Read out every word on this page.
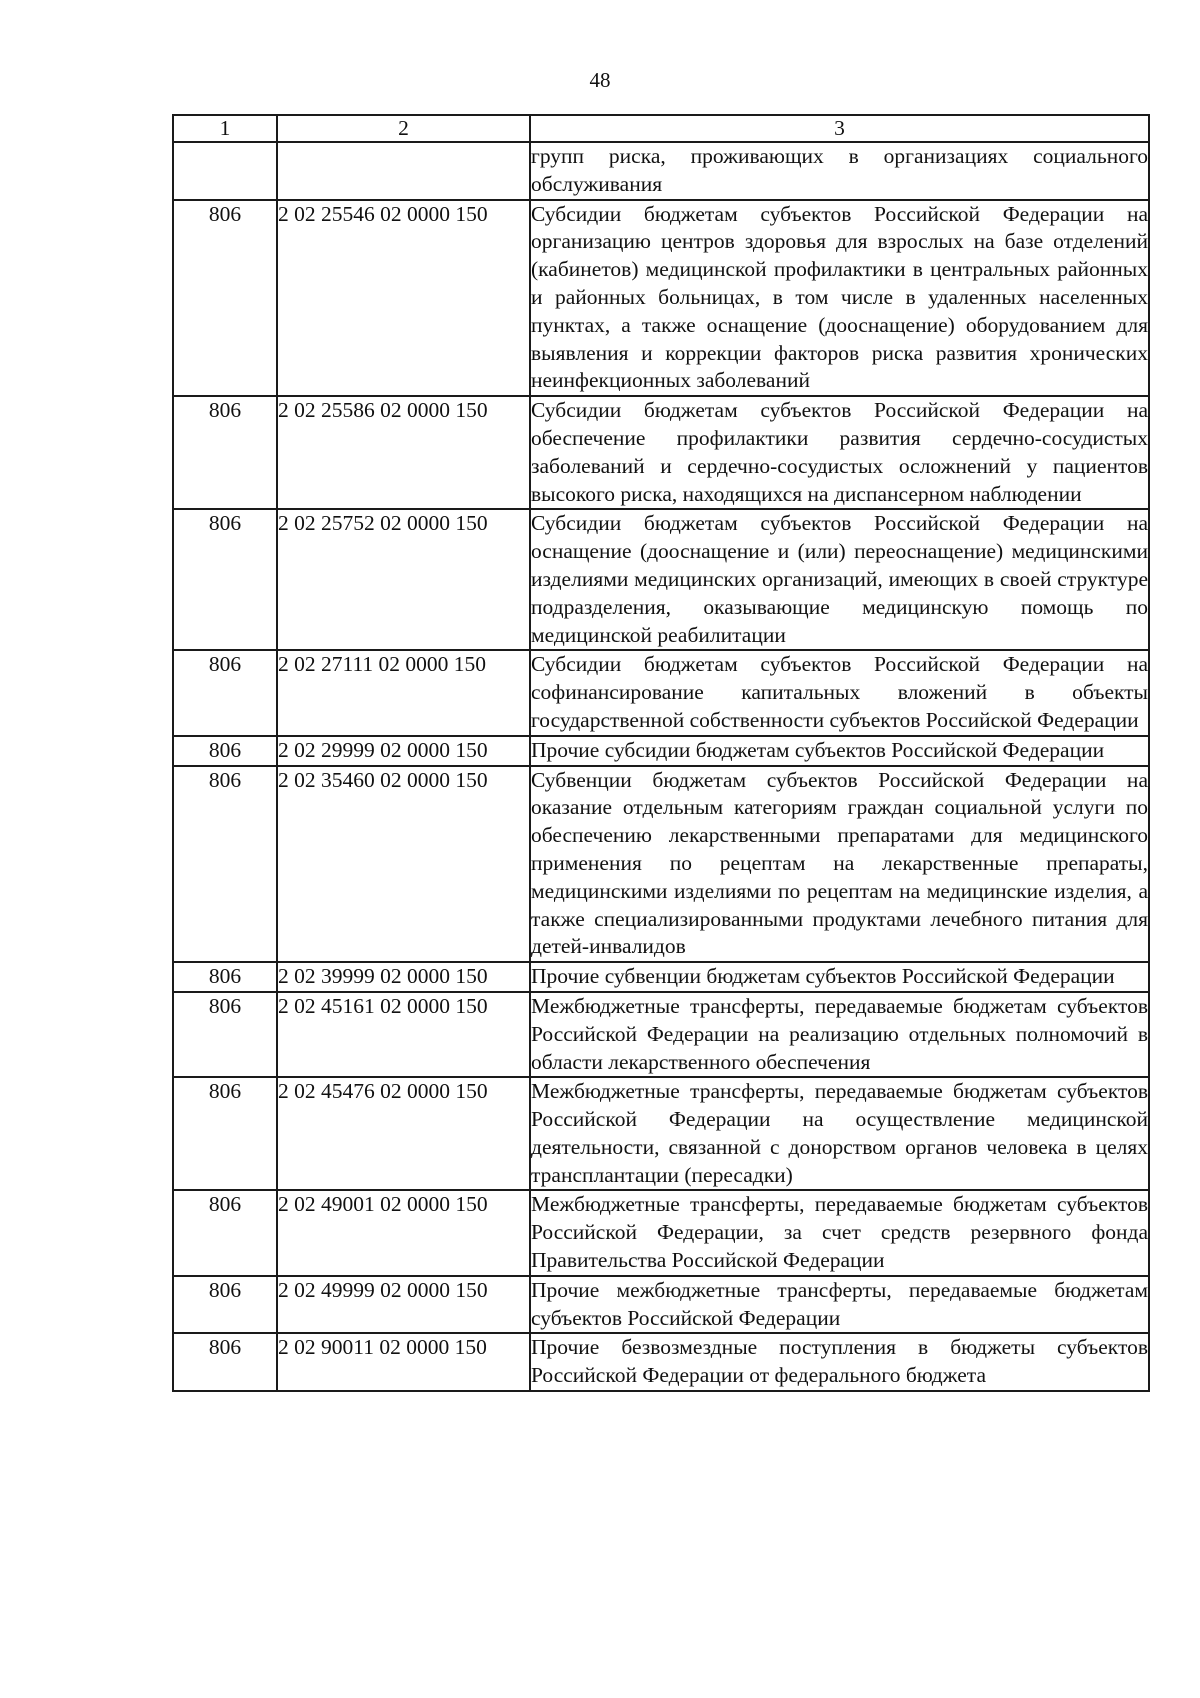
48
1	2	3
		групп риска, проживающих в организациях социального обслуживания
806	2 02 25546 02 0000 150	Субсидии бюджетам субъектов Российской Федерации на организацию центров здоровья для взрослых на базе отделений (кабинетов) медицинской профилактики в центральных районных и районных больницах, в том числе в удаленных населенных пунктах, а также оснащение (дооснащение) оборудованием для выявления и коррекции факторов риска развития хронических неинфекционных заболеваний
806	2 02 25586 02 0000 150	Субсидии бюджетам субъектов Российской Федерации на обеспечение профилактики развития сердечно-сосудистых заболеваний и сердечно-сосудистых осложнений у пациентов высокого риска, находящихся на диспансерном наблюдении
806	2 02 25752 02 0000 150	Субсидии бюджетам субъектов Российской Федерации на оснащение (дооснащение и (или) переоснащение) медицинскими изделиями медицинских организаций, имеющих в своей структуре подразделения, оказывающие медицинскую помощь по медицинской реабилитации
806	2 02 27111 02 0000 150	Субсидии бюджетам субъектов Российской Федерации на софинансирование капитальных вложений в объекты государственной собственности субъектов Российской Федерации
806	2 02 29999 02 0000 150	Прочие субсидии бюджетам субъектов Российской Федерации
806	2 02 35460 02 0000 150	Субвенции бюджетам субъектов Российской Федерации на оказание отдельным категориям граждан социальной услуги по обеспечению лекарственными препаратами для медицинского применения по рецептам на лекарственные препараты, медицинскими изделиями по рецептам на медицинские изделия, а также специализированными продуктами лечебного питания для детей-инвалидов
806	2 02 39999 02 0000 150	Прочие субвенции бюджетам субъектов Российской Федерации
806	2 02 45161 02 0000 150	Межбюджетные трансферты, передаваемые бюджетам субъектов Российской Федерации на реализацию отдельных полномочий в области лекарственного обеспечения
806	2 02 45476 02 0000 150	Межбюджетные трансферты, передаваемые бюджетам субъектов Российской Федерации на осуществление медицинской деятельности, связанной с донорством органов человека в целях трансплантации (пересадки)
806	2 02 49001 02 0000 150	Межбюджетные трансферты, передаваемые бюджетам субъектов Российской Федерации, за счет средств резервного фонда Правительства Российской Федерации
806	2 02 49999 02 0000 150	Прочие межбюджетные трансферты, передаваемые бюджетам субъектов Российской Федерации
806	2 02 90011 02 0000 150	Прочие безвозмездные поступления в бюджеты субъектов Российской Федерации от федерального бюджета
